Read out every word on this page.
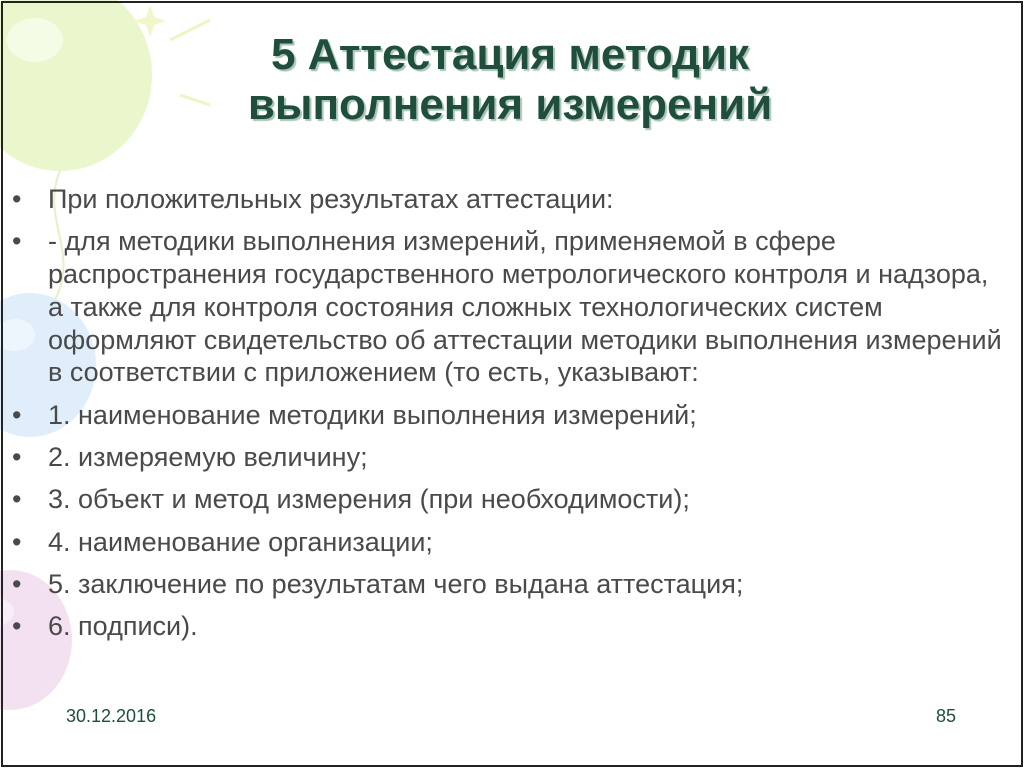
5 Аттестация методик
выполнения измерений
• При положительных результатах аттестации:
• - для методики выполнения измерений, применяемой в сфере распространения государственного метрологического контроля и надзора, а также для контроля состояния сложных технологических систем оформляют свидетельство об аттестации методики выполнения измерений в соответствии с приложением (то есть, указывают:
• 1. наименование методики выполнения измерений;
• 2. измеряемую величину;
• 3. объект и метод измерения (при необходимости);
• 4. наименование организации;
• 5. заключение по результатам чего выдана аттестация;
• 6. подписи).
30.12.2016	85
